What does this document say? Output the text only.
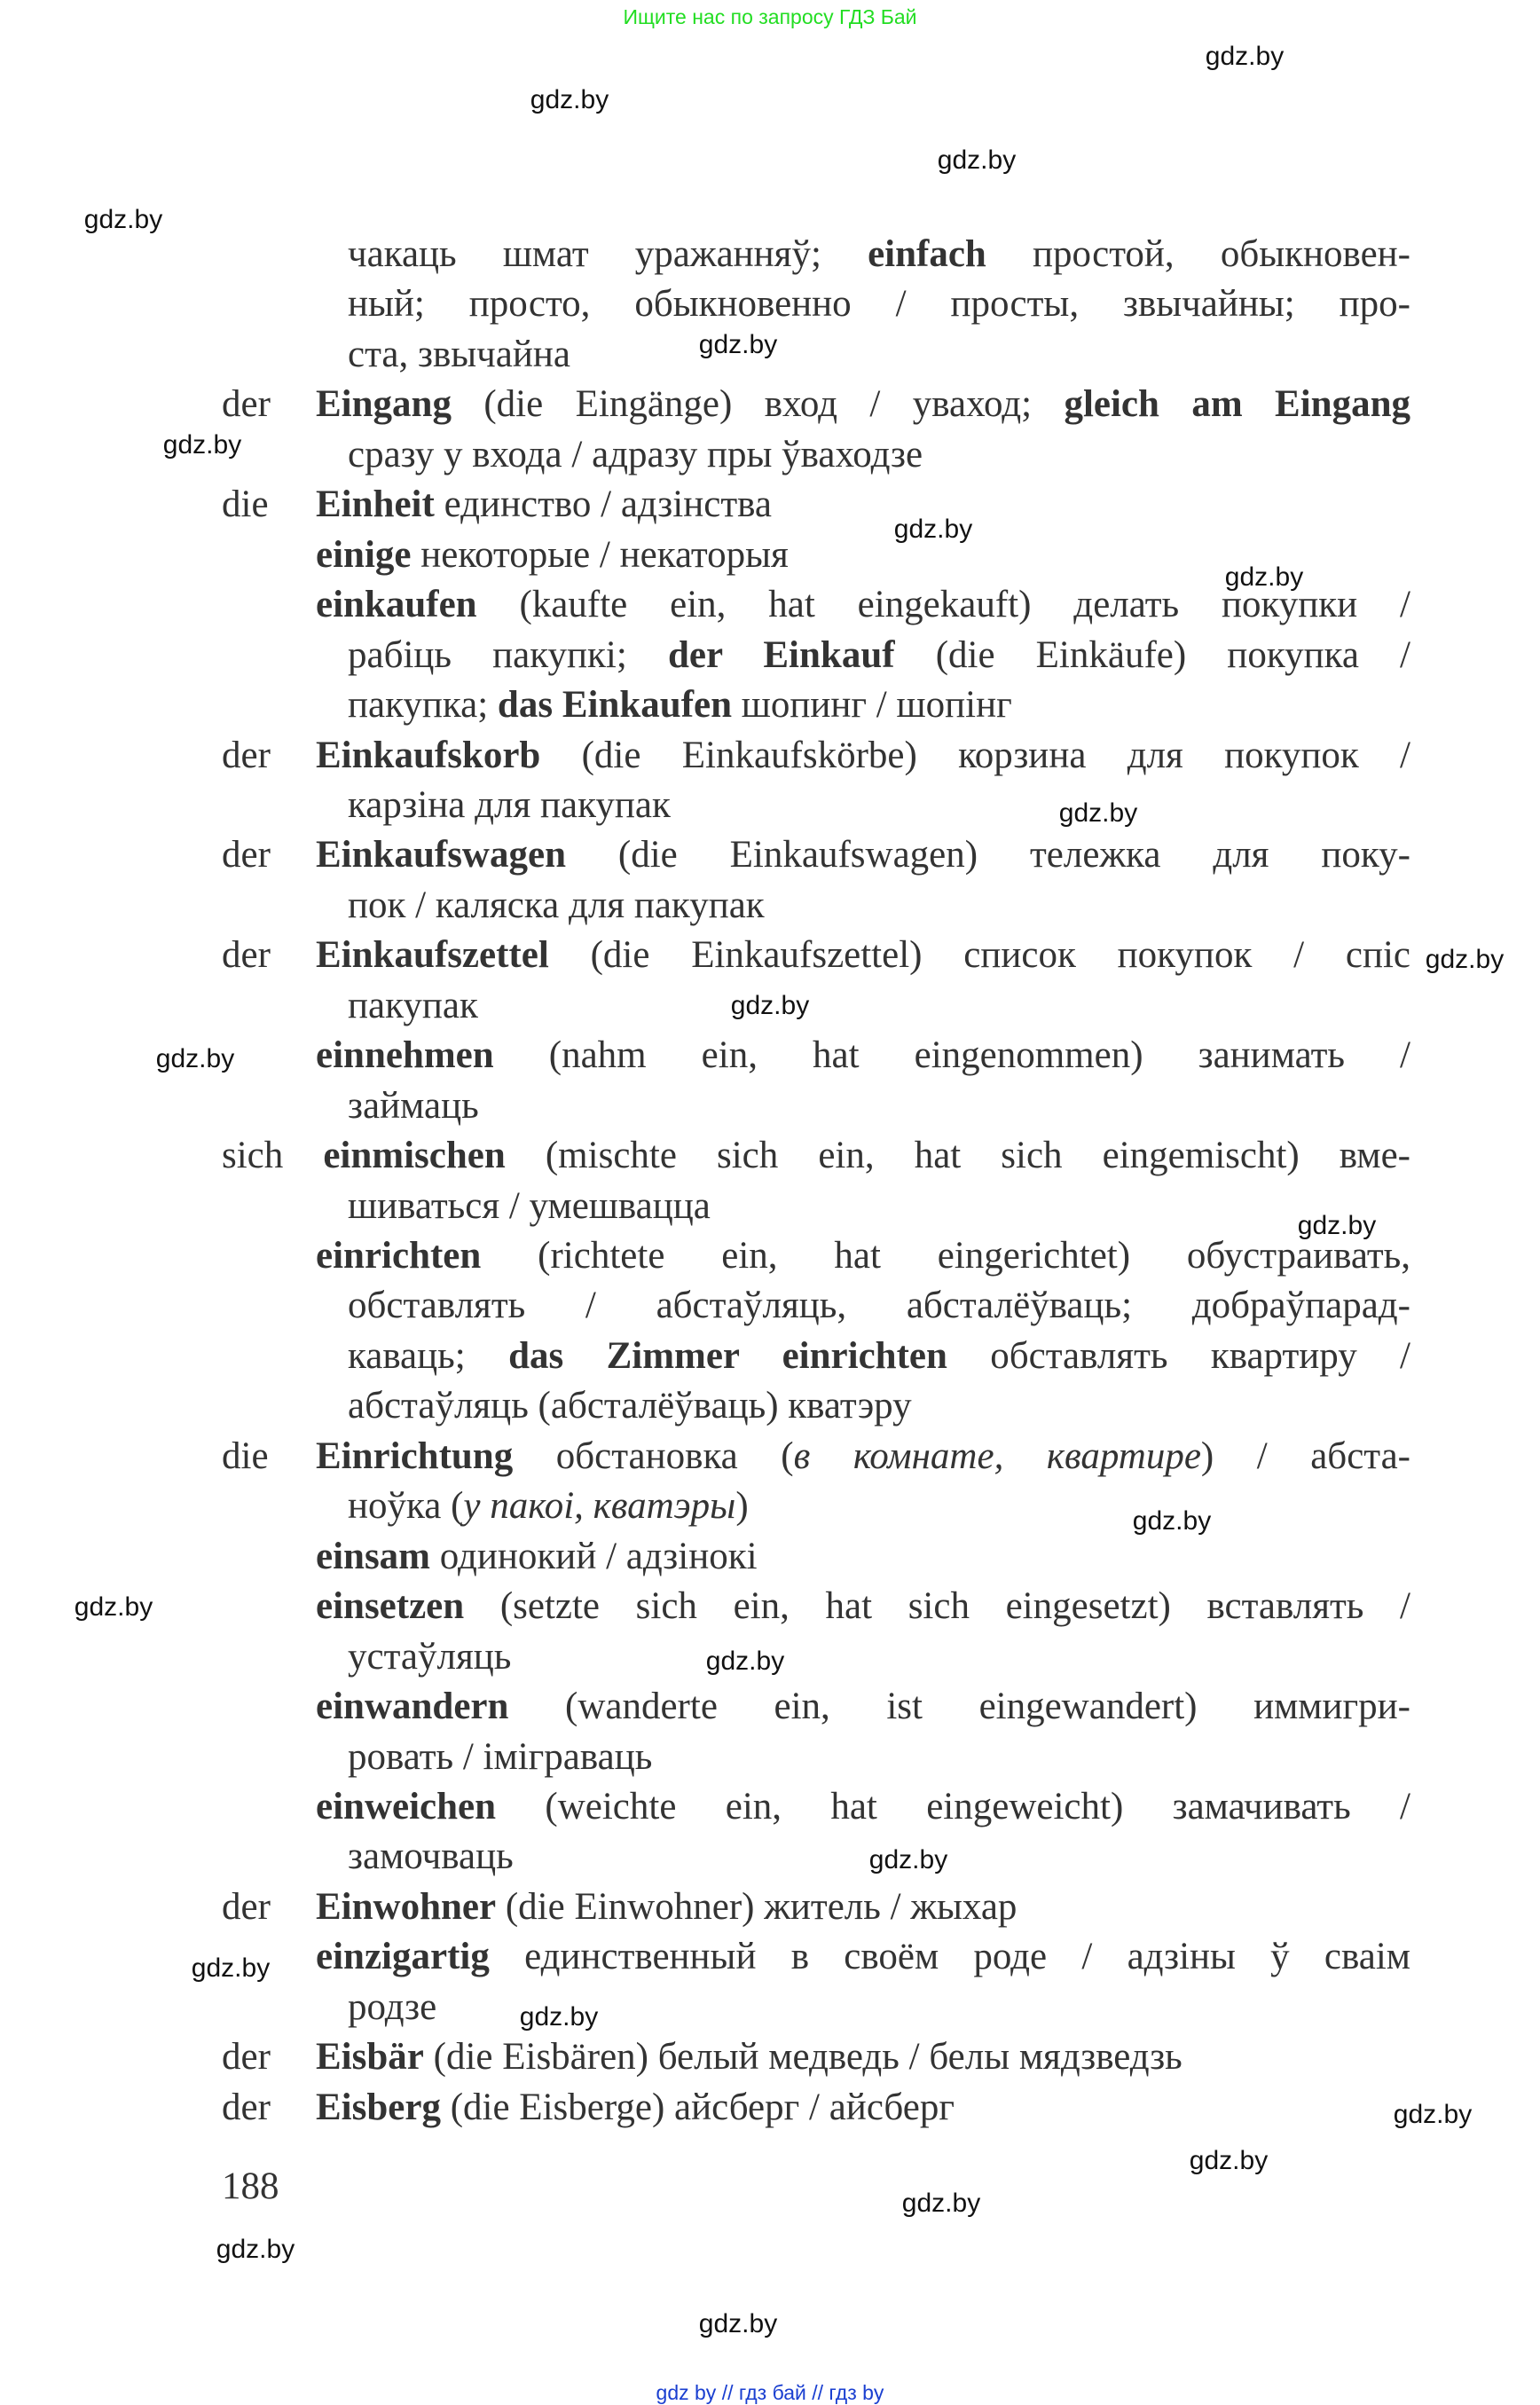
Ищите нас по запросу ГДЗ Бай
gdz.by
gdz.by
gdz.by
gdz.by
gdz.by
gdz.by
gdz.by
gdz.by
gdz.by
gdz.by
gdz.by
gdz.by
gdz.by
gdz.by
gdz.by
gdz.by
gdz.by
gdz.by
gdz.by
gdz.by
gdz.by
gdz.by
gdz.by
gdz.by
чакаць шмат уражанняў; einfach простой, обыкновен-
ный; просто, обыкновенно / просты, звычайны; про-
ста, звычайна
der Eingang (die Eingänge) вход / уваход; gleich am Eingang
сразу у входа / адразу пры ўваходзе
die Einheit единство / адзінства
einige некоторые / некаторыя
einkaufen (kaufte ein, hat eingekauft) делать покупки /
рабіць пакупкі; der Einkauf (die Einkäufe) покупка /
пакупка; das Einkaufen шопинг / шопінг
der Einkaufskorb (die Einkaufskörbe) корзина для покупок /
карзіна для пакупак
der Einkaufswagen (die Einkaufswagen) тележка для поку-
пок / каляска для пакупак
der Einkaufszettel (die Einkaufszettel) список покупок / спіс
пакупак
einnehmen (nahm ein, hat eingenommen) занимать /
займаць
sich einmischen (mischte sich ein, hat sich eingemischt) вме-
шиваться / умешвацца
einrichten (richtete ein, hat eingerichtet) обустраивать,
обставлять / абстаўляць, абсталёўваць; добраўпарад-
каваць; das Zimmer einrichten обставлять квартиру /
абстаўляць (абсталёўваць) кватэру
die Einrichtung обстановка (в комнате, квартире) / абста-
ноўка (у пакоі, кватэры)
einsam одинокий / адзінокі
einsetzen (setzte sich ein, hat sich eingesetzt) вставлять /
устаўляць
einwandern (wanderte ein, ist eingewandert) иммигри-
ровать / іміграваць
einweichen (weichte ein, hat eingeweicht) замачивать /
замочваць
der Einwohner (die Einwohner) житель / жыхар
einzigartig единственный в своём роде / адзіны ў сваім
родзе
der Eisbär (die Eisbären) белый медведь / белы мядзведзь
der Eisberg (die Eisberge) айсберг / айсберг
188
gdz by // гдз бай // гдз by
